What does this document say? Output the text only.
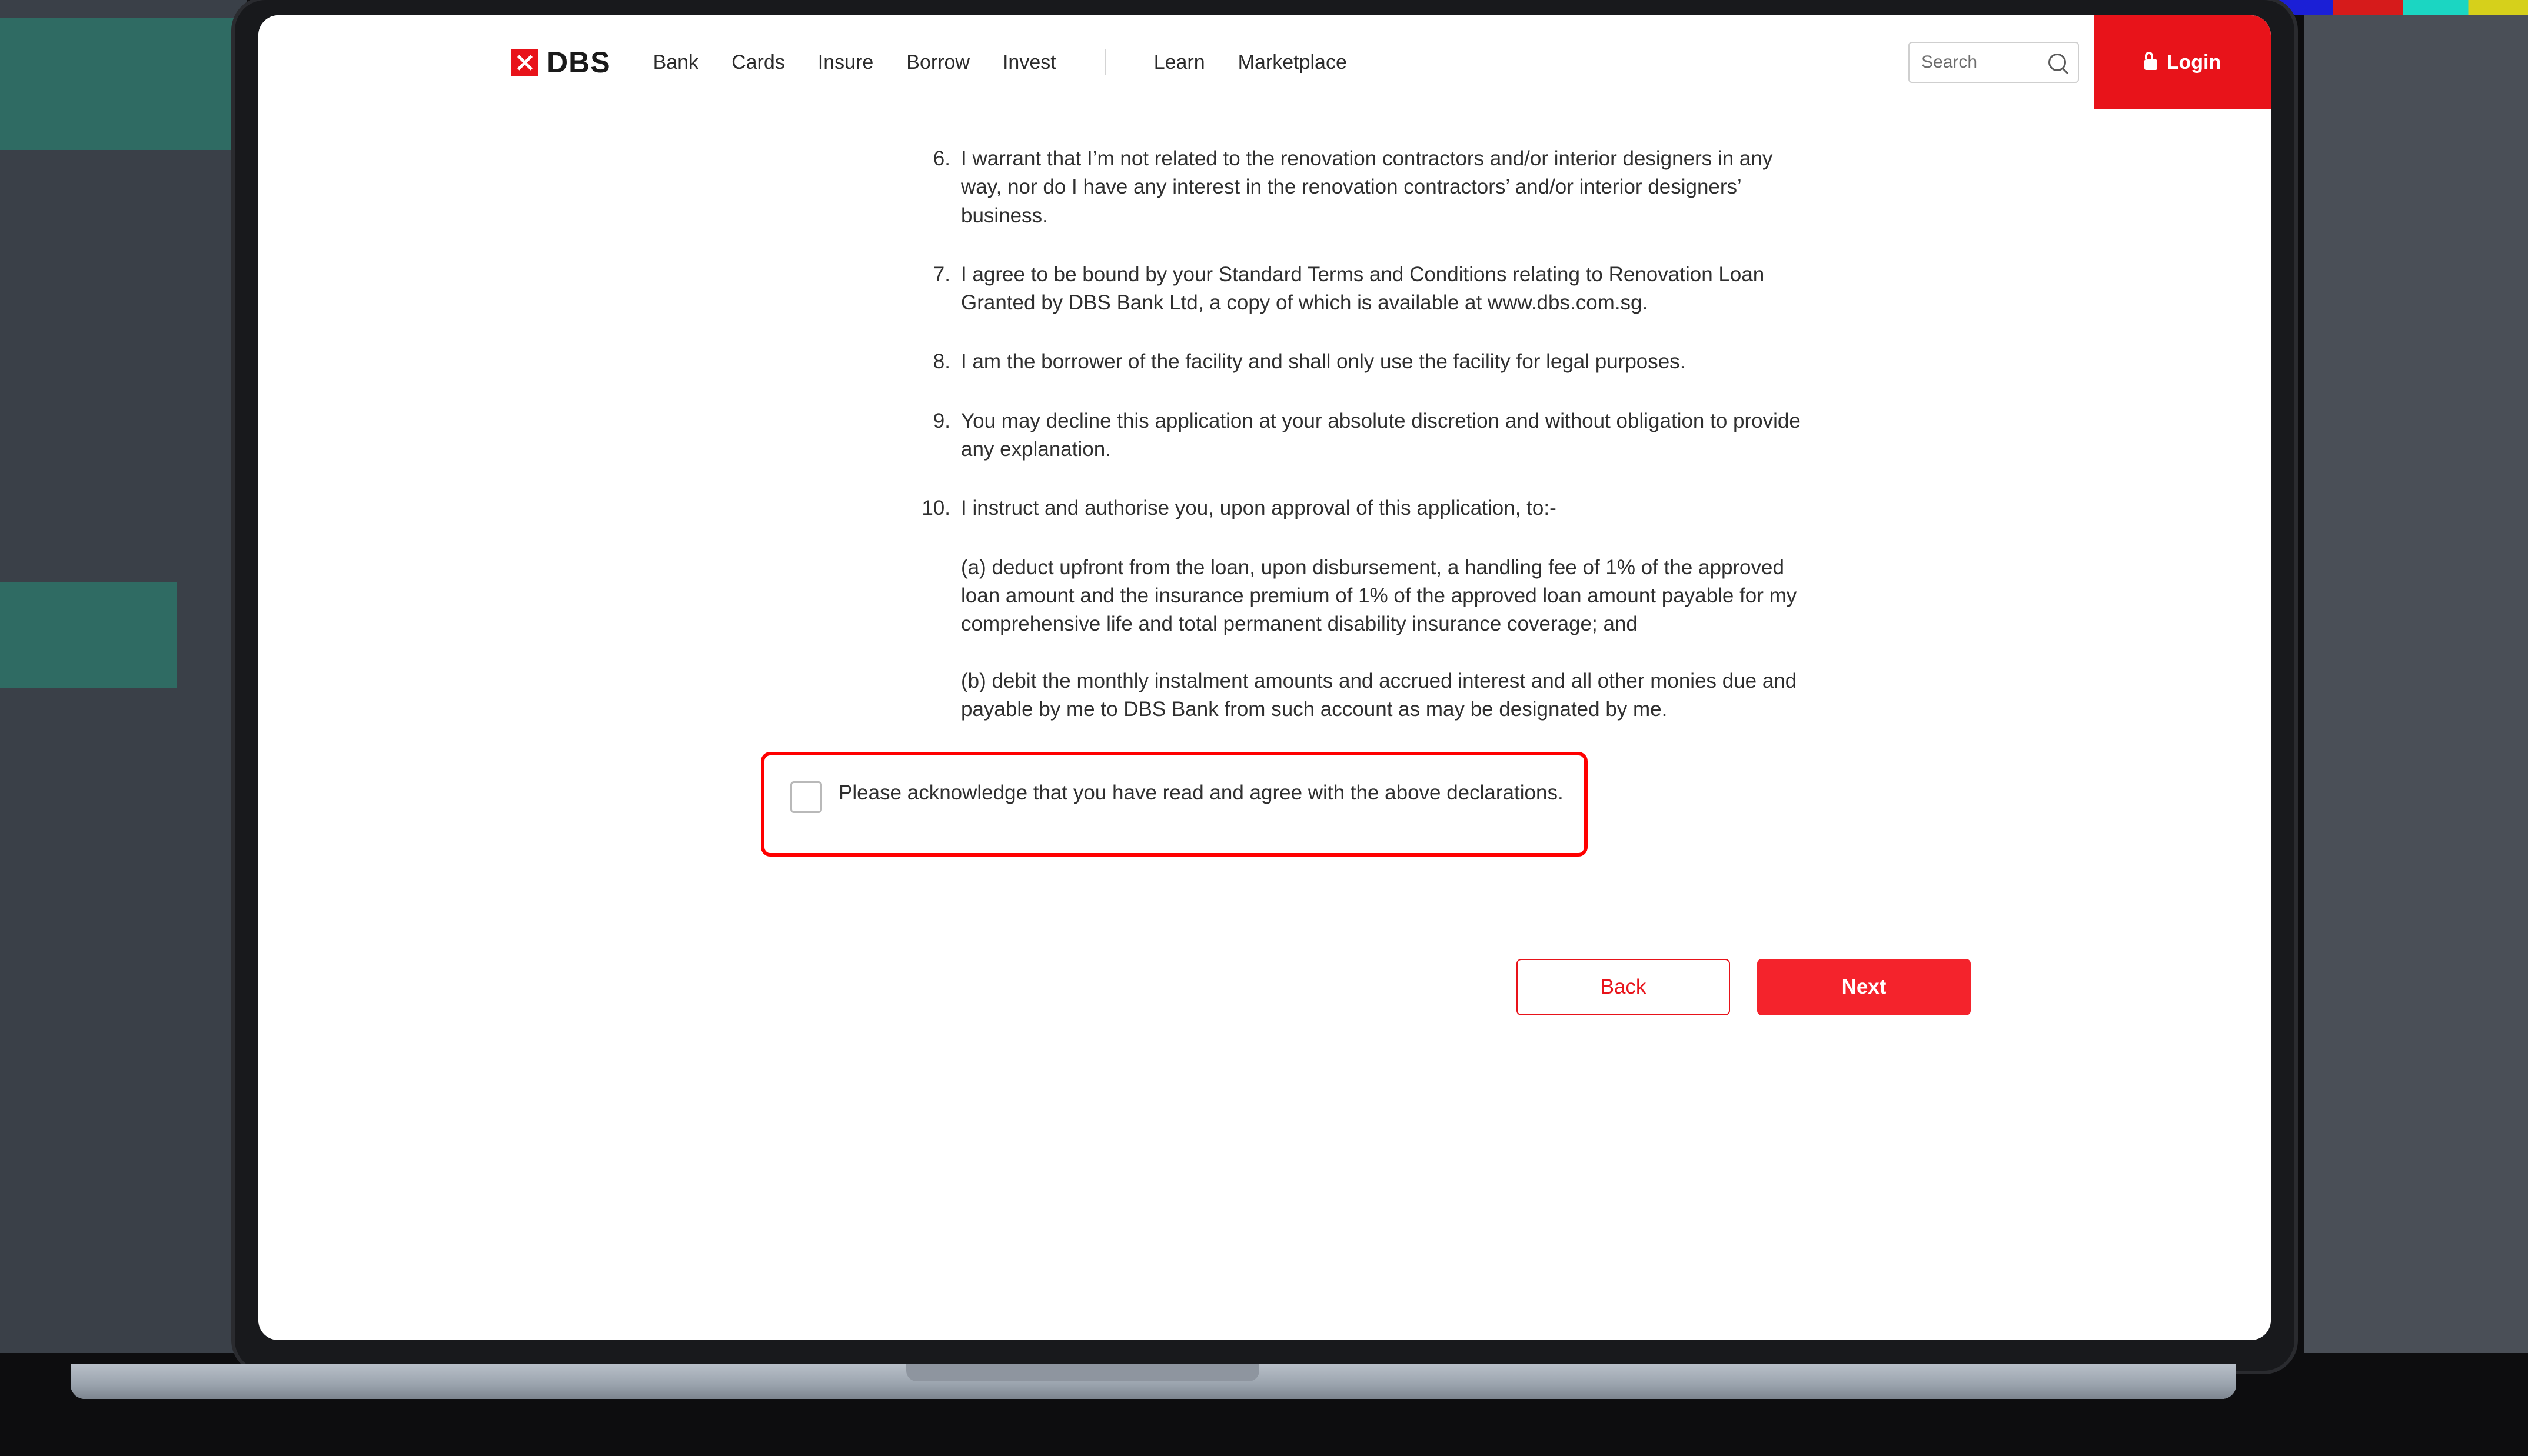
DBS Bank Cards Insure Borrow Invest	Learn Marketplace	Search	Login
6. I warrant that I’m not related to the renovation contractors and/or interior designers in any way, nor do I have any interest in the renovation contractors’ and/or interior designers’ business.
7. I agree to be bound by your Standard Terms and Conditions relating to Renovation Loan Granted by DBS Bank Ltd, a copy of which is available at www.dbs.com.sg.
8. I am the borrower of the facility and shall only use the facility for legal purposes.
9. You may decline this application at your absolute discretion and without obligation to provide any explanation.
10. I instruct and authorise you, upon approval of this application, to:-
(a) deduct upfront from the loan, upon disbursement, a handling fee of 1% of the approved loan amount and the insurance premium of 1% of the approved loan amount payable for my comprehensive life and total permanent disability insurance coverage; and
(b) debit the monthly instalment amounts and accrued interest and all other monies due and payable by me to DBS Bank from such account as may be designated by me.
Please acknowledge that you have read and agree with the above declarations.
Back	Next
